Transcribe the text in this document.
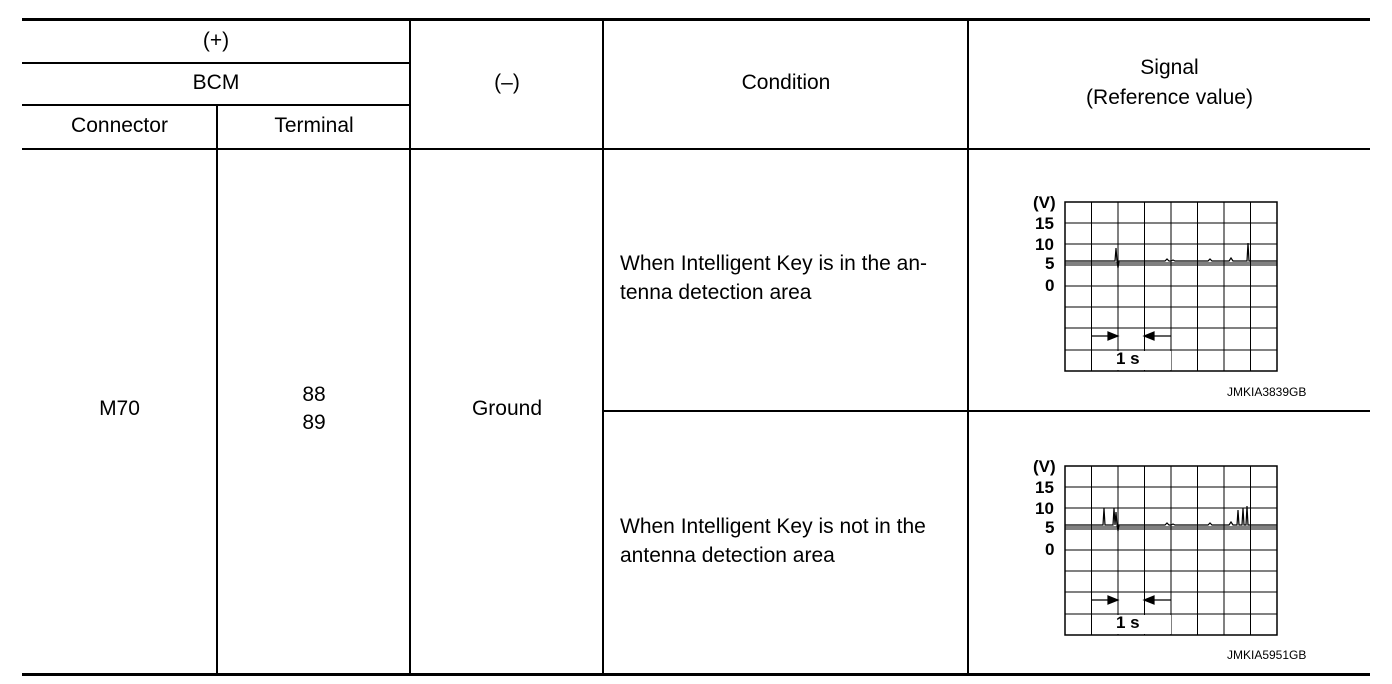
(+)
BCM
Connector	Terminal
(–)	Condition
Signal
(Reference value)
M70
88
89
Ground
When Intelligent Key is in the an-
tenna detection area
When Intelligent Key is not in the
antenna detection area
(V)
15
10
5
0
1 s
JMKIA3839GB
(V)
15
10
5
0
1 s
JMKIA5951GB
